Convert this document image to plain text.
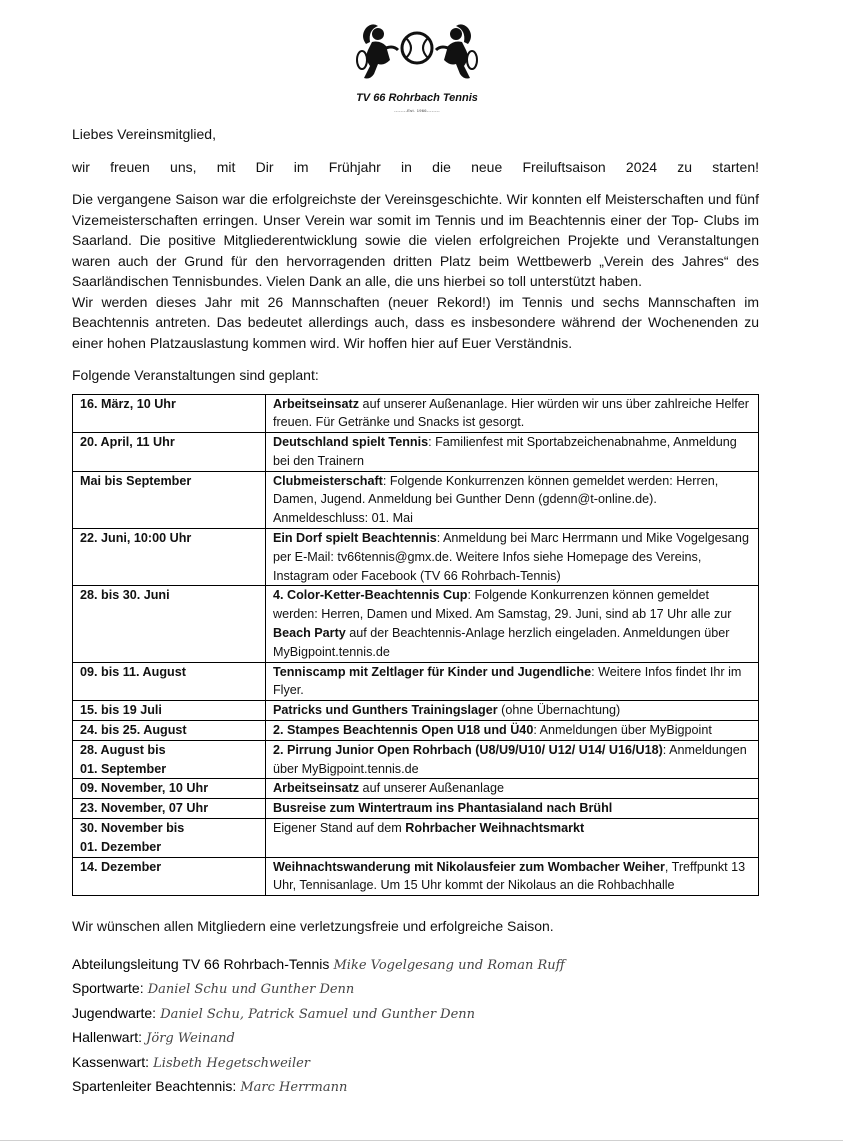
TV 66 Rohrbach Tennis
--------Est. 1966--------

Liebes Vereinsmitglied,

wir freuen uns, mit Dir im Frühjahr in die neue Freiluftsaison 2024 zu starten!

Die vergangene Saison war die erfolgreichste der Vereinsgeschichte. Wir konnten elf Meisterschaften und fünf Vizemeisterschaften erringen. Unser Verein war somit im Tennis und im Beachtennis einer der Top- Clubs im Saarland. Die positive Mitgliederentwicklung sowie die vielen erfolgreichen Projekte und Veranstaltungen waren auch der Grund für den hervorragenden dritten Platz beim Wettbewerb „Verein des Jahres“ des Saarländischen Tennisbundes. Vielen Dank an alle, die uns hierbei so toll unterstützt haben.

Wir werden dieses Jahr mit 26 Mannschaften (neuer Rekord!) im Tennis und sechs Mannschaften im Beachtennis antreten. Das bedeutet allerdings auch, dass es insbesondere während der Wochenenden zu einer hohen Platzauslastung kommen wird. Wir hoffen hier auf Euer Verständnis.

Folgende Veranstaltungen sind geplant:

16. März, 10 Uhr	Arbeitseinsatz auf unserer Außenanlage. Hier würden wir uns über zahlreiche Helfer freuen. Für Getränke und Snacks ist gesorgt.
20. April, 11 Uhr	Deutschland spielt Tennis: Familienfest mit Sportabzeichenabnahme, Anmeldung bei den Trainern
Mai bis September	Clubmeisterschaft: Folgende Konkurrenzen können gemeldet werden: Herren, Damen, Jugend. Anmeldung bei Gunther Denn (gdenn@t-online.de). Anmeldeschluss: 01. Mai
22. Juni, 10:00 Uhr	Ein Dorf spielt Beachtennis: Anmeldung bei Marc Herrmann und Mike Vogelgesang per E-Mail: tv66tennis@gmx.de. Weitere Infos siehe Homepage des Vereins, Instagram oder Facebook (TV 66 Rohrbach-Tennis)
28. bis 30. Juni	4. Color-Ketter-Beachtennis Cup: Folgende Konkurrenzen können gemeldet werden: Herren, Damen und Mixed. Am Samstag, 29. Juni, sind ab 17 Uhr alle zur Beach Party auf der Beachtennis-Anlage herzlich eingeladen. Anmeldungen über MyBigpoint.tennis.de
09. bis 11. August	Tenniscamp mit Zeltlager für Kinder und Jugendliche: Weitere Infos findet Ihr im Flyer.
15. bis 19 Juli	Patricks und Gunthers Trainingslager (ohne Übernachtung)
24. bis 25. August	2. Stampes Beachtennis Open U18 und Ü40: Anmeldungen über MyBigpoint
28. August bis
01. September	2. Pirrung Junior Open Rohrbach (U8/U9/U10/ U12/ U14/ U16/U18): Anmeldungen über MyBigpoint.tennis.de
09. November, 10 Uhr	Arbeitseinsatz auf unserer Außenanlage
23. November, 07 Uhr	Busreise zum Wintertraum ins Phantasialand nach Brühl
30. November bis
01. Dezember	Eigener Stand auf dem Rohrbacher Weihnachtsmarkt
14. Dezember	Weihnachtswanderung mit Nikolausfeier zum Wombacher Weiher, Treffpunkt 13 Uhr, Tennisanlage. Um 15 Uhr kommt der Nikolaus an die Rohbachhalle

Wir wünschen allen Mitgliedern eine verletzungsfreie und erfolgreiche Saison.

Abteilungsleitung TV 66 Rohrbach-Tennis Mike Vogelgesang und Roman Ruff
Sportwarte: Daniel Schu und Gunther Denn
Jugendwarte: Daniel Schu, Patrick Samuel und Gunther Denn
Hallenwart: Jörg Weinand
Kassenwart: Lisbeth Hegetschweiler
Spartenleiter Beachtennis: Marc Herrmann
